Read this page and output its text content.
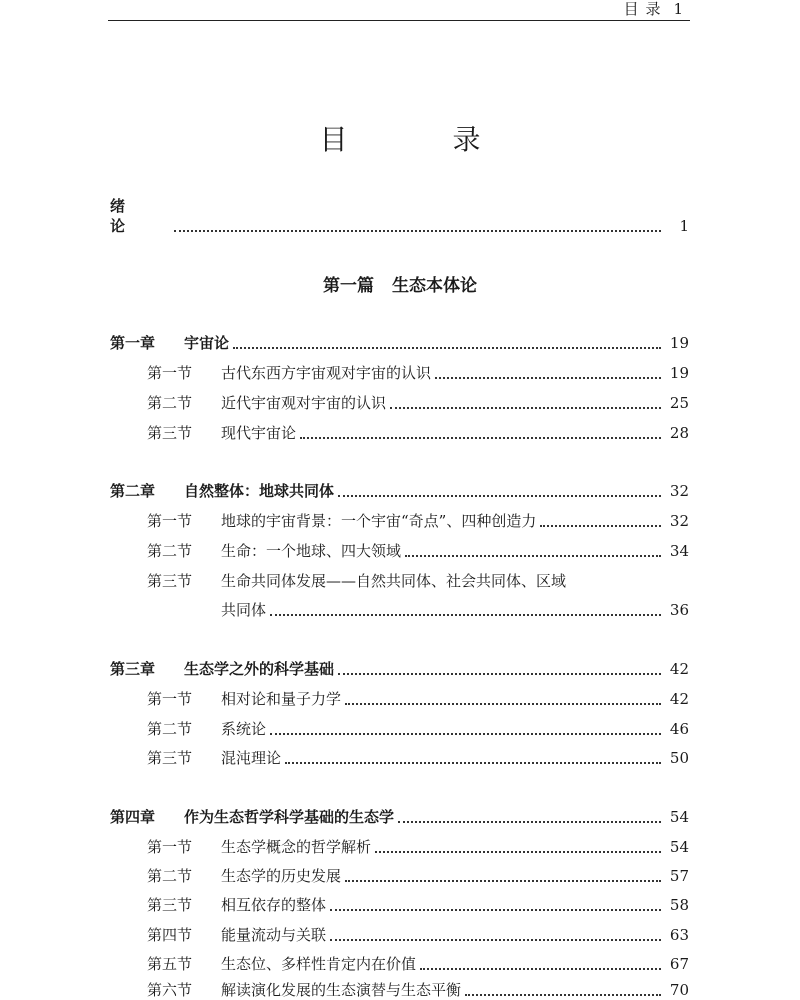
目 录 1
目 录
绪 论	1
第一篇 生态本体论
第一章	宇宙论	19
第一节	古代东西方宇宙观对宇宙的认识	19
第二节	近代宇宙观对宇宙的认识	25
第三节	现代宇宙论	28
第二章	自然整体：地球共同体	32
第一节	地球的宇宙背景：一个宇宙“奇点”、四种创造力	32
第二节	生命：一个地球、四大领域	34
第三节	生命共同体发展——自然共同体、社会共同体、区域
共同体	36
第三章	生态学之外的科学基础	42
第一节	相对论和量子力学	42
第二节	系统论	46
第三节	混沌理论	50
第四章	作为生态哲学科学基础的生态学	54
第一节	生态学概念的哲学解析	54
第二节	生态学的历史发展	57
第三节	相互依存的整体	58
第四节	能量流动与关联	63
第五节	生态位、多样性肯定内在价值	67
第六节	解读演化发展的生态演替与生态平衡	70
